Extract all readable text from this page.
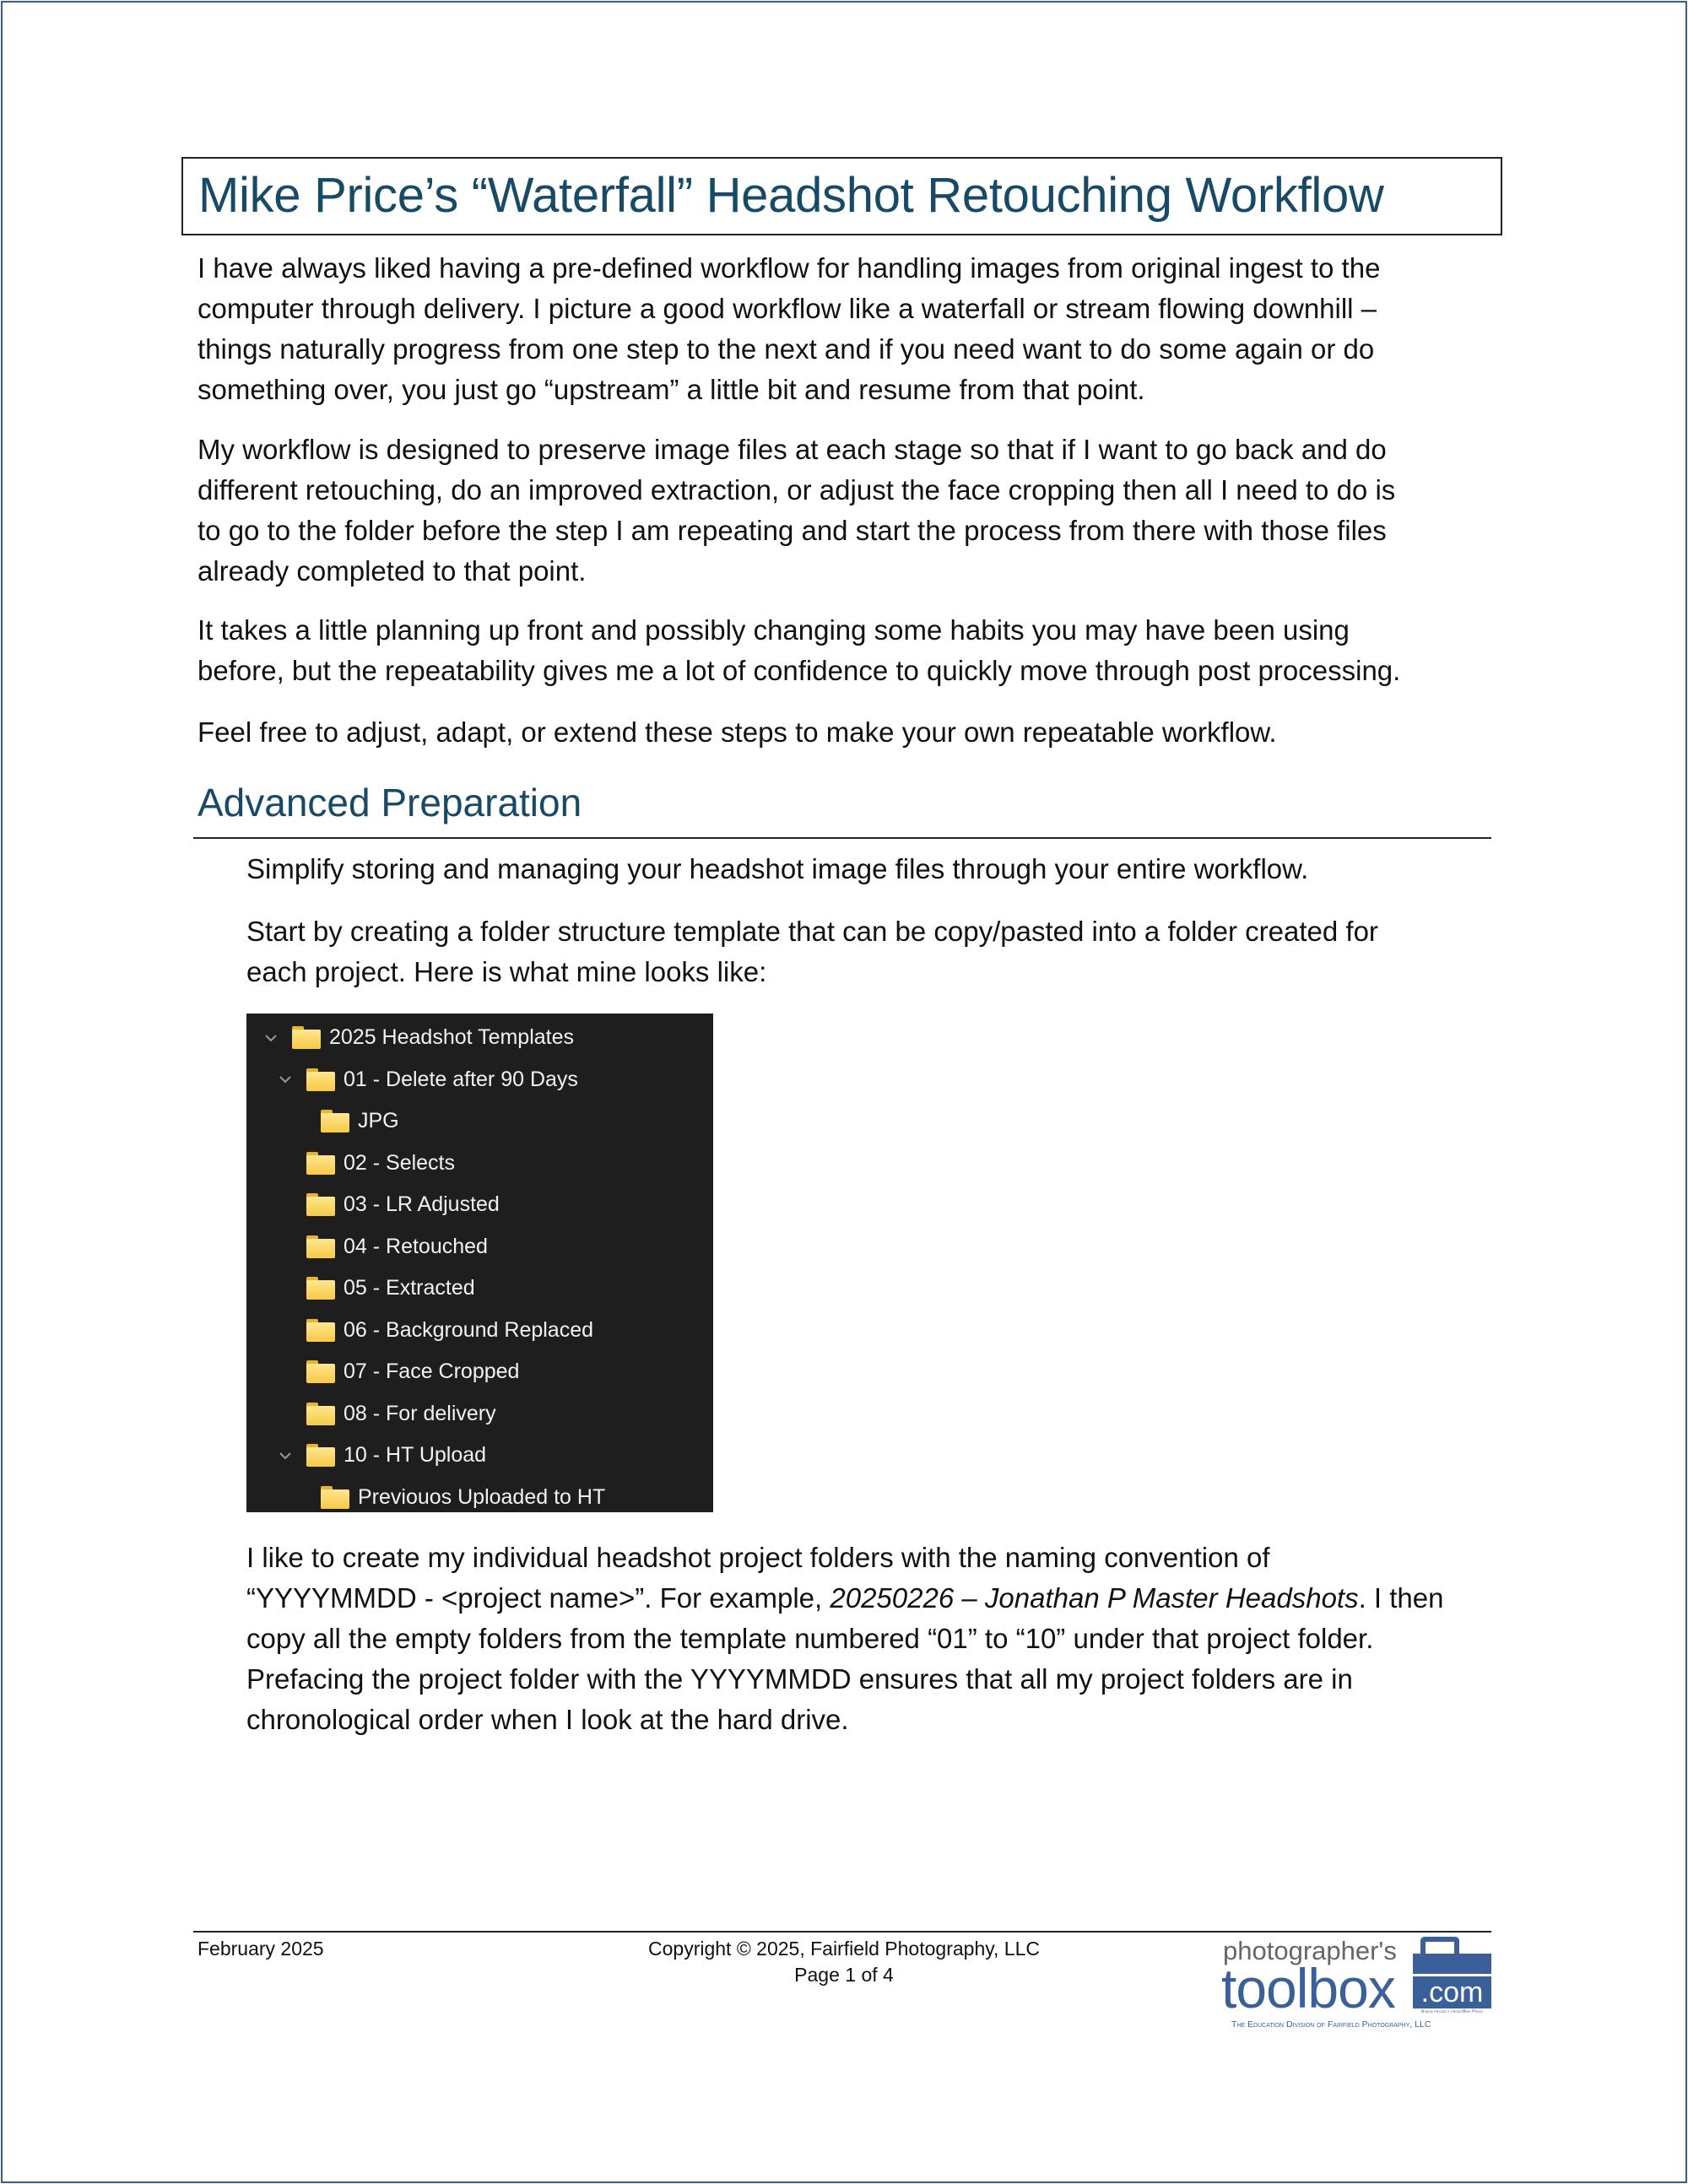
Mike Price’s “Waterfall” Headshot Retouching Workflow
I have always liked having a pre-defined workflow for handling images from original ingest to the
computer through delivery. I picture a good workflow like a waterfall or stream flowing downhill –
things naturally progress from one step to the next and if you need want to do some again or do
something over, you just go “upstream” a little bit and resume from that point.
My workflow is designed to preserve image files at each stage so that if I want to go back and do
different retouching, do an improved extraction, or adjust the face cropping then all I need to do is
to go to the folder before the step I am repeating and start the process from there with those files
already completed to that point.
It takes a little planning up front and possibly changing some habits you may have been using
before, but the repeatability gives me a lot of confidence to quickly move through post processing.
Feel free to adjust, adapt, or extend these steps to make your own repeatable workflow.
Advanced Preparation
Simplify storing and managing your headshot image files through your entire workflow.
Start by creating a folder structure template that can be copy/pasted into a folder created for
each project. Here is what mine looks like:
2025 Headshot Templates
01 - Delete after 90 Days
JPG
02 - Selects
03 - LR Adjusted
04 - Retouched
05 - Extracted
06 - Background Replaced
07 - Face Cropped
08 - For delivery
10 - HT Upload
Previouos Uploaded to HT
I like to create my individual headshot project folders with the naming convention of
“YYYYMMDD - <project name>”. For example, 20250226 – Jonathan P Master Headshots. I then
copy all the empty folders from the template numbered “01” to “10” under that project folder.
Prefacing the project folder with the YYYYMMDD ensures that all my project folders are in
chronological order when I look at the hard drive.
February 2025	Copyright © 2025, Fairfield Photography, LLC
Page 1 of 4
photographer's
toolbox .com
A new project from Mike Price
The Education Division of Fairfield Photography, LLC
